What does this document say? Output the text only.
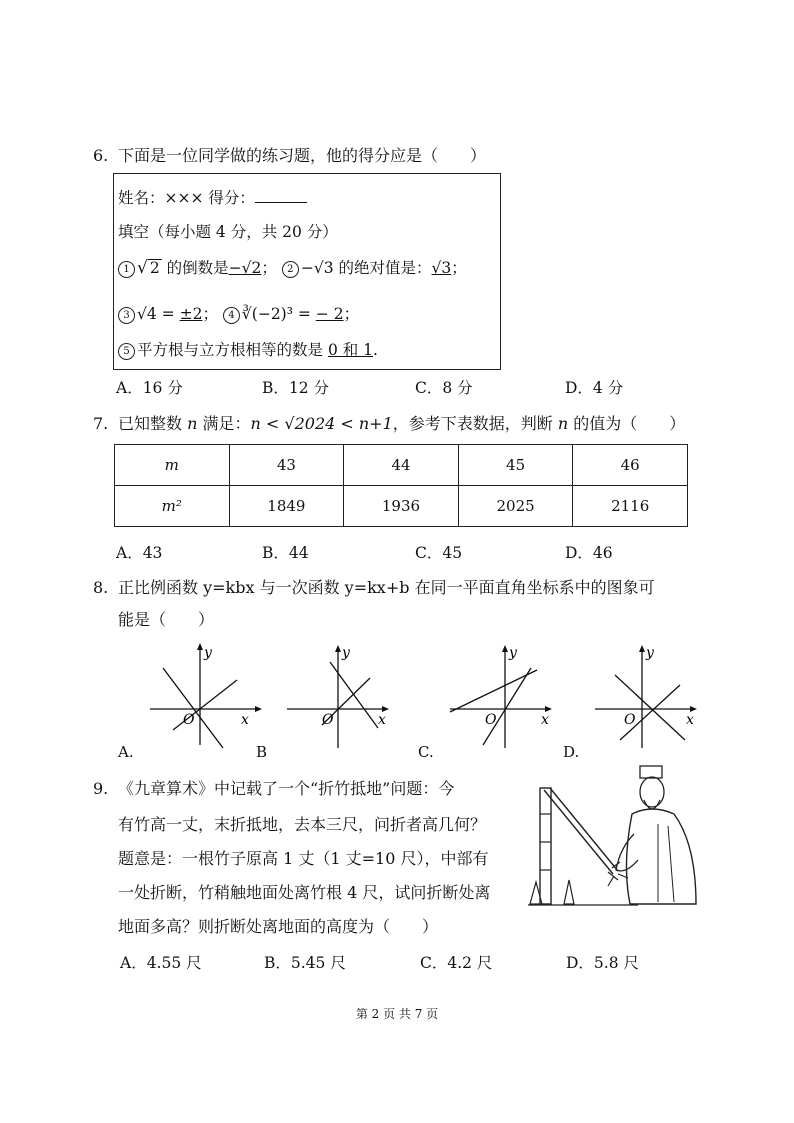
6. 下面是一位同学做的练习题，他的得分应是（　　）
姓名：××× 得分：
填空（每小题 4 分，共 20 分）
1 √ 2 的倒数是−√2； 2 −√3 的绝对值是：√3；
3 √4 = ±2； 4 ∛(−2)³ = − 2；
5 平方根与立方根相等的数是 0 和 1.
A．16 分	B．12 分	C．8 分	D．4 分
7. 已知整数 n 满足：n < √2024 < n+1，参考下表数据，判断 n 的值为（　　）
m	43	44	45	46
m²	1849	1936	2025	2116
A．43	B．44	C．45	D．46
8. 正比例函数 y=kbx 与一次函数 y=kx+b 在同一平面直角坐标系中的图象可
能是（　　）
y
x
O
A.
y
x
O
B
y
x
O
C.
y
x
O
D.
9. 《九章算术》中记载了一个“折竹抵地”问题：今
有竹高一丈，末折抵地，去本三尺，问折者高几何？
题意是：一根竹子原高 1 丈（1 丈=10 尺），中部有
一处折断，竹稍触地面处离竹根 4 尺，试问折断处离
地面多高？则折断处离地面的高度为（　　）
A．4.55 尺	B．5.45 尺	C．4.2 尺	D．5.8 尺
第 2 页 共 7 页
